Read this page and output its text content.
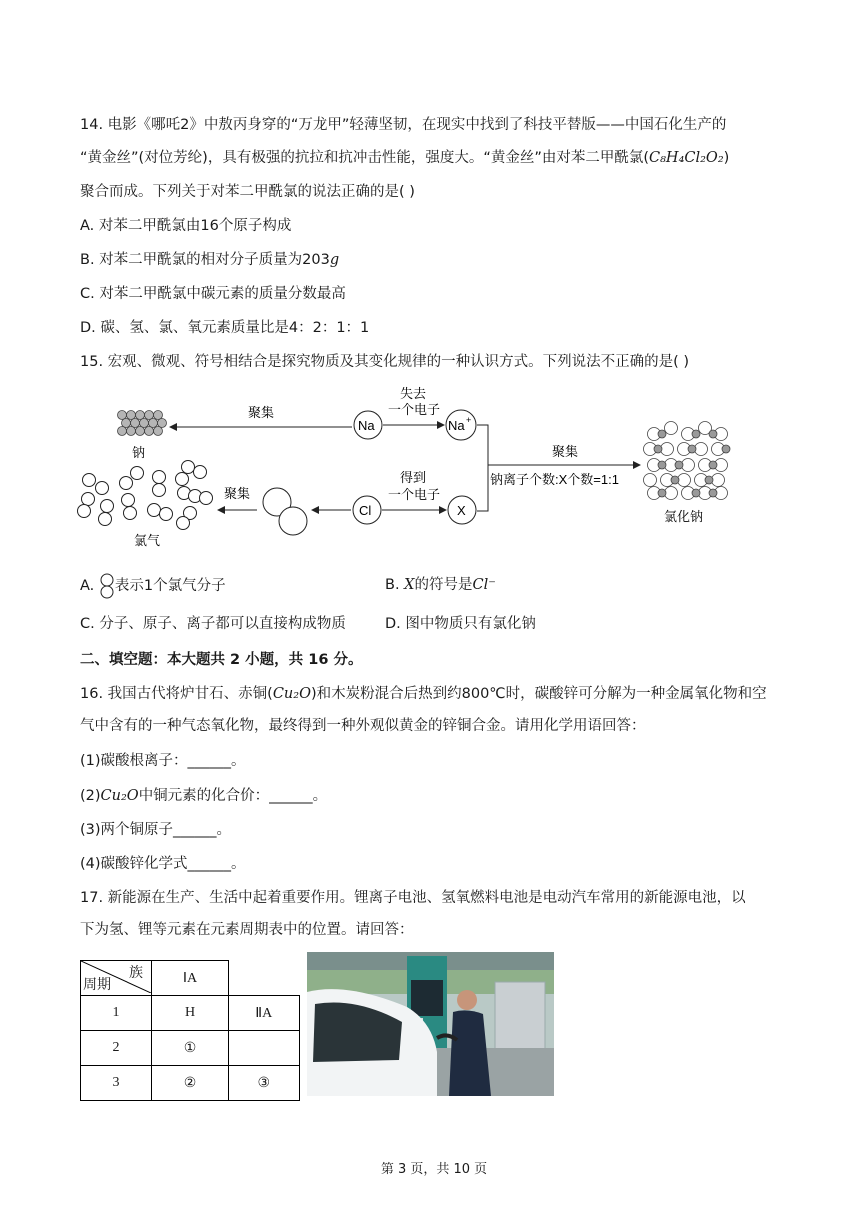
14. 电影《哪吒2》中敖丙身穿的“万龙甲”轻薄坚韧，在现实中找到了科技平替版——中国石化生产的
“黄金丝”(对位芳纶)，具有极强的抗拉和抗冲击性能，强度大。“黄金丝”由对苯二甲酰氯(C₈H₄Cl₂O₂)
聚合而成。下列关于对苯二甲酰氯的说法正确的是( )
A. 对苯二甲酰氯由16个原子构成
B. 对苯二甲酰氯的相对分子质量为203g
C. 对苯二甲酰氯中碳元素的质量分数最高
D. 碳、氢、氯、氧元素质量比是4：2：1：1
15. 宏观、微观、符号相结合是探究物质及其变化规律的一种认识方式。下列说法不正确的是( )
钠
聚集
Na
失去
一个电子
Na +
聚集
钠离子个数:X个数=1:1
氯化钠
氯气
聚集
Cl
得到
一个电子
X
A. 表示1个氯气分子	B. X的符号是Cl⁻
C. 分子、原子、离子都可以直接构成物质	D. 图中物质只有氯化钠
二、填空题：本大题共 2 小题，共 16 分。
16. 我国古代将炉甘石、赤铜(Cu₂O)和木炭粉混合后热到约800℃时，碳酸锌可分解为一种金属氧化物和空
气中含有的一种气态氧化物，最终得到一种外观似黄金的锌铜合金。请用化学用语回答：
(1)碳酸根离子：______。
(2)Cu₂O中铜元素的化合价：______。
(3)两个铜原子______。
(4)碳酸锌化学式______。
17. 新能源在生产、生活中起着重要作用。锂离子电池、氢氧燃料电池是电动汽车常用的新能源电池，以
下为氢、锂等元素在元素周期表中的位置。请回答：
族
周期	ⅠA	
1	H	ⅡA
2	①	
3	②	③
第 3 页，共 10 页
